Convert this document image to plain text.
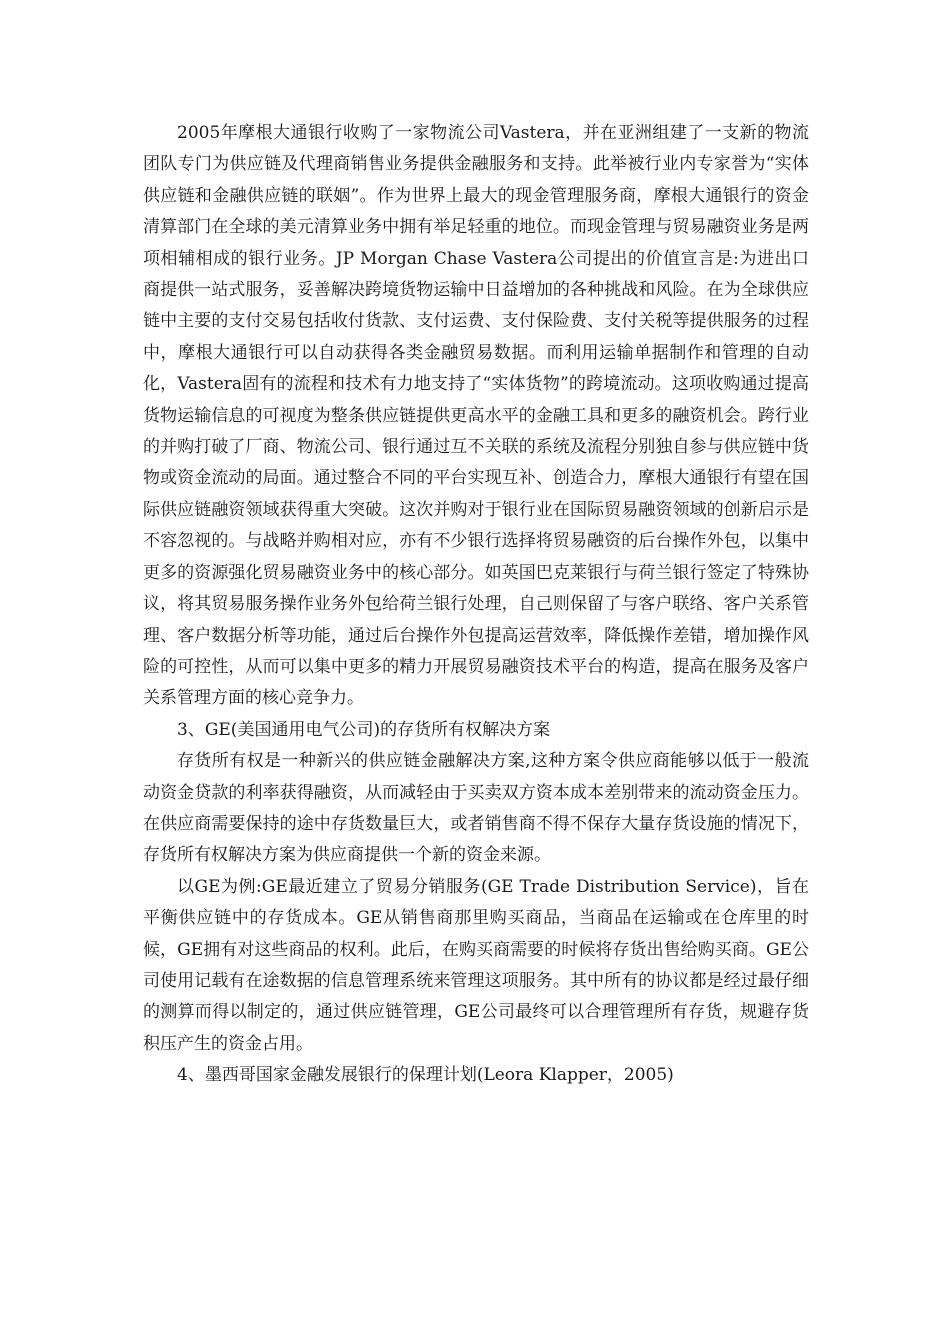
2005年摩根大通银行收购了一家物流公司Vastera，并在亚洲组建了一支新的物流团队专门为供应链及代理商销售业务提供金融服务和支持。此举被行业内专家誉为“实体供应链和金融供应链的联姻”。作为世界上最大的现金管理服务商，摩根大通银行的资金清算部门在全球的美元清算业务中拥有举足轻重的地位。而现金管理与贸易融资业务是两项相辅相成的银行业务。JP Morgan Chase Vastera公司提出的价值宣言是:为进出口商提供一站式服务，妥善解决跨境货物运输中日益增加的各种挑战和风险。在为全球供应链中主要的支付交易包括收付货款、支付运费、支付保险费、支付关税等提供服务的过程中，摩根大通银行可以自动获得各类金融贸易数据。而利用运输单据制作和管理的自动化，Vastera固有的流程和技术有力地支持了“实体货物”的跨境流动。这项收购通过提高货物运输信息的可视度为整条供应链提供更高水平的金融工具和更多的融资机会。跨行业的并购打破了厂商、物流公司、银行通过互不关联的系统及流程分别独自参与供应链中货物或资金流动的局面。通过整合不同的平台实现互补、创造合力，摩根大通银行有望在国际供应链融资领域获得重大突破。这次并购对于银行业在国际贸易融资领域的创新启示是不容忽视的。与战略并购相对应，亦有不少银行选择将贸易融资的后台操作外包，以集中更多的资源强化贸易融资业务中的核心部分。如英国巴克莱银行与荷兰银行签定了特殊协议，将其贸易服务操作业务外包给荷兰银行处理，自己则保留了与客户联络、客户关系管理、客户数据分析等功能，通过后台操作外包提高运营效率，降低操作差错，增加操作风险的可控性，从而可以集中更多的精力开展贸易融资技术平台的构造，提高在服务及客户关系管理方面的核心竞争力。

3、GE(美国通用电气公司)的存货所有权解决方案

存货所有权是一种新兴的供应链金融解决方案,这种方案令供应商能够以低于一般流动资金贷款的利率获得融资，从而减轻由于买卖双方资本成本差别带来的流动资金压力。在供应商需要保持的途中存货数量巨大，或者销售商不得不保存大量存货设施的情况下，存货所有权解决方案为供应商提供一个新的资金来源。

以GE为例:GE最近建立了贸易分销服务(GE Trade Distribution Service)，旨在平衡供应链中的存货成本。GE从销售商那里购买商品，当商品在运输或在仓库里的时候，GE拥有对这些商品的权利。此后，在购买商需要的时候将存货出售给购买商。GE公司使用记载有在途数据的信息管理系统来管理这项服务。其中所有的协议都是经过最仔细的测算而得以制定的，通过供应链管理，GE公司最终可以合理管理所有存货，规避存货积压产生的资金占用。

4、墨西哥国家金融发展银行的保理计划(Leora Klapper，2005)
